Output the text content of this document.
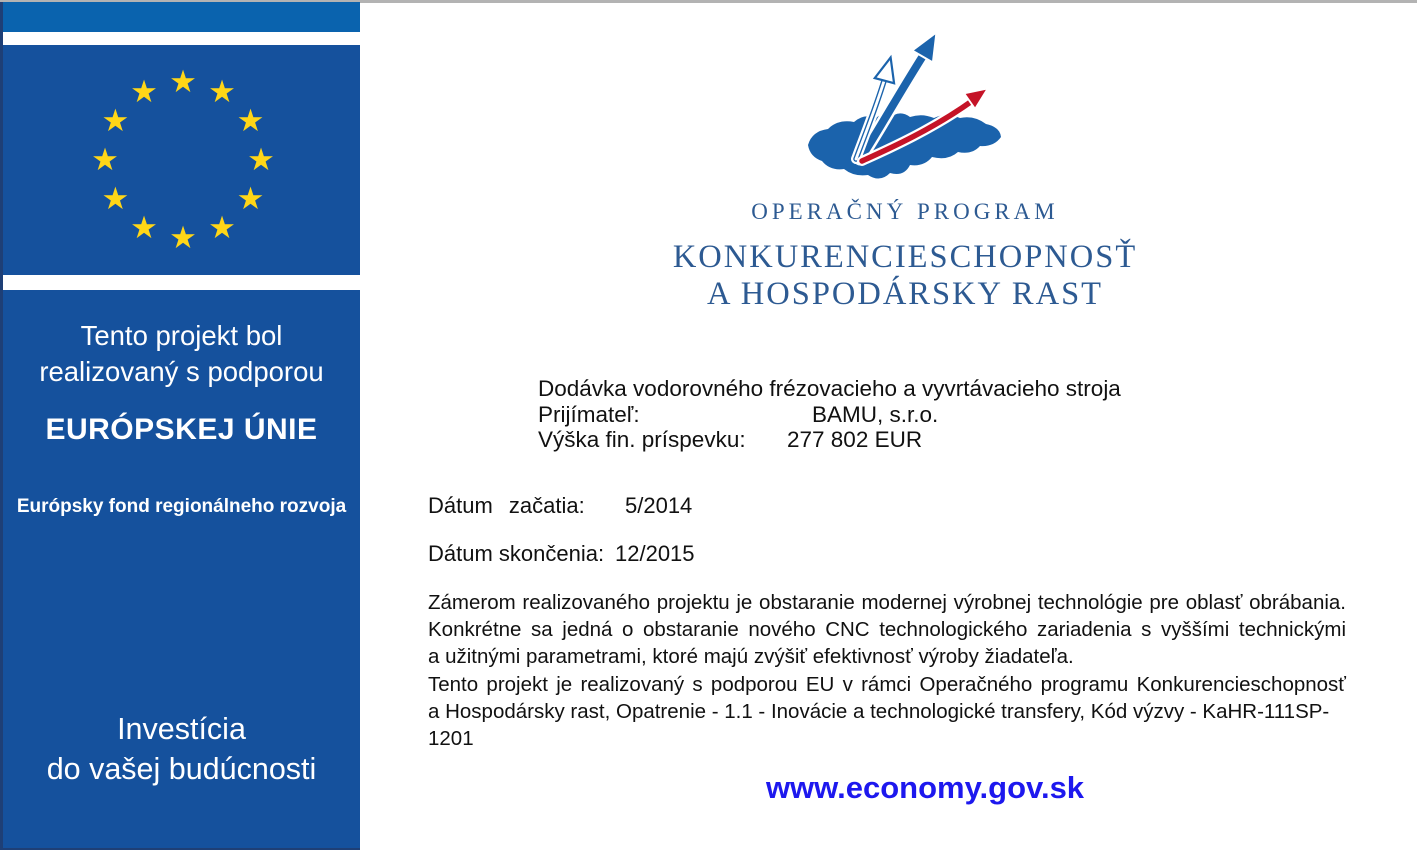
★ ★
★
★
★
★
★
★
★
★
★
★
Tento projekt bol
realizovaný s podporou
EURÓPSKEJ ÚNIE
Európsky fond regionálneho rozvoja
Investícia
do vašej budúcnosti
OPERAČNÝ PROGRAM
KONKURENCIESCHOPNOSŤ
A HOSPODÁRSKY RAST
Dodávka vodorovného frézovacieho a vyvrtávacieho stroja
Prijímateľ:	BAMU, s.r.o.
Výška fin. príspevku: 277 802 EUR
Dátum začatia: 5/2014
Dátum skončenia: 12/2015
Zámerom realizovaného projektu je obstaranie modernej výrobnej technológie pre oblasť obrábania.
Konkrétne sa jedná o obstaranie nového CNC technologického zariadenia s vyššími technickými
a užitnými parametrami, ktoré majú zvýšiť efektivnosť výroby žiadateľa.
Tento projekt je realizovaný s podporou EU v rámci Operačného programu Konkurencieschopnosť
a Hospodársky rast, Opatrenie - 1.1 - Inovácie a technologické transfery, Kód výzvy - KaHR-111SP-1201
www.economy.gov.sk
